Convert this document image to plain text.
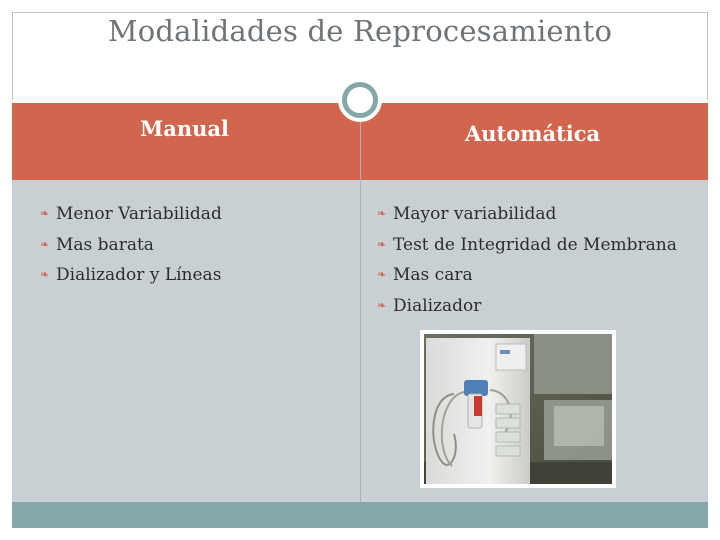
Modalidades de Reprocesamiento
Manual	Automática
❧ Menor Variabilidad
❧ Mas barata
❧ Dializador y Líneas
❧ Mayor variabilidad
❧ Test de Integridad de Membrana
❧ Mas cara
❧ Dializador
